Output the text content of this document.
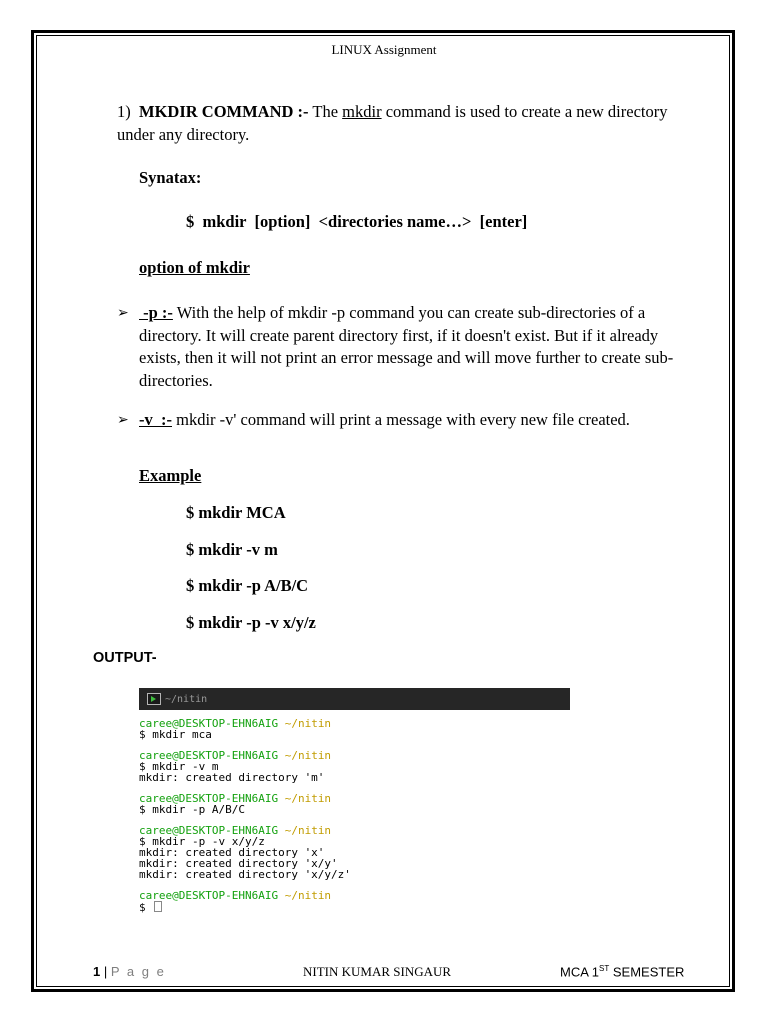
LINUX Assignment
1) MKDIR COMMAND :- The mkdir command is used to create a new directory under any directory.
Synatax:
$  mkdir  [option]  <directories name…>  [enter]
option of mkdir
➢ -p :- With the help of mkdir -p command you can create sub-directories of a directory. It will create parent directory first, if it doesn't exist. But if it already exists, then it will not print an error message and will move further to create sub-directories.
➢ -v  :- mkdir -v' command will print a message with every new file created.
Example
$ mkdir MCA
$ mkdir -v m
$ mkdir -p A/B/C
$ mkdir -p -v x/y/z
OUTPUT-
~/nitin
caree@DESKTOP-EHN6AIG ~/nitin
$ mkdir mca
caree@DESKTOP-EHN6AIG ~/nitin
$ mkdir -v m
mkdir: created directory 'm'
caree@DESKTOP-EHN6AIG ~/nitin
$ mkdir -p A/B/C
caree@DESKTOP-EHN6AIG ~/nitin
$ mkdir -p -v x/y/z
mkdir: created directory 'x'
mkdir: created directory 'x/y'
mkdir: created directory 'x/y/z'
caree@DESKTOP-EHN6AIG ~/nitin
$
1 | P a g e	NITIN KUMAR SINGAUR	MCA 1ST SEMESTER
